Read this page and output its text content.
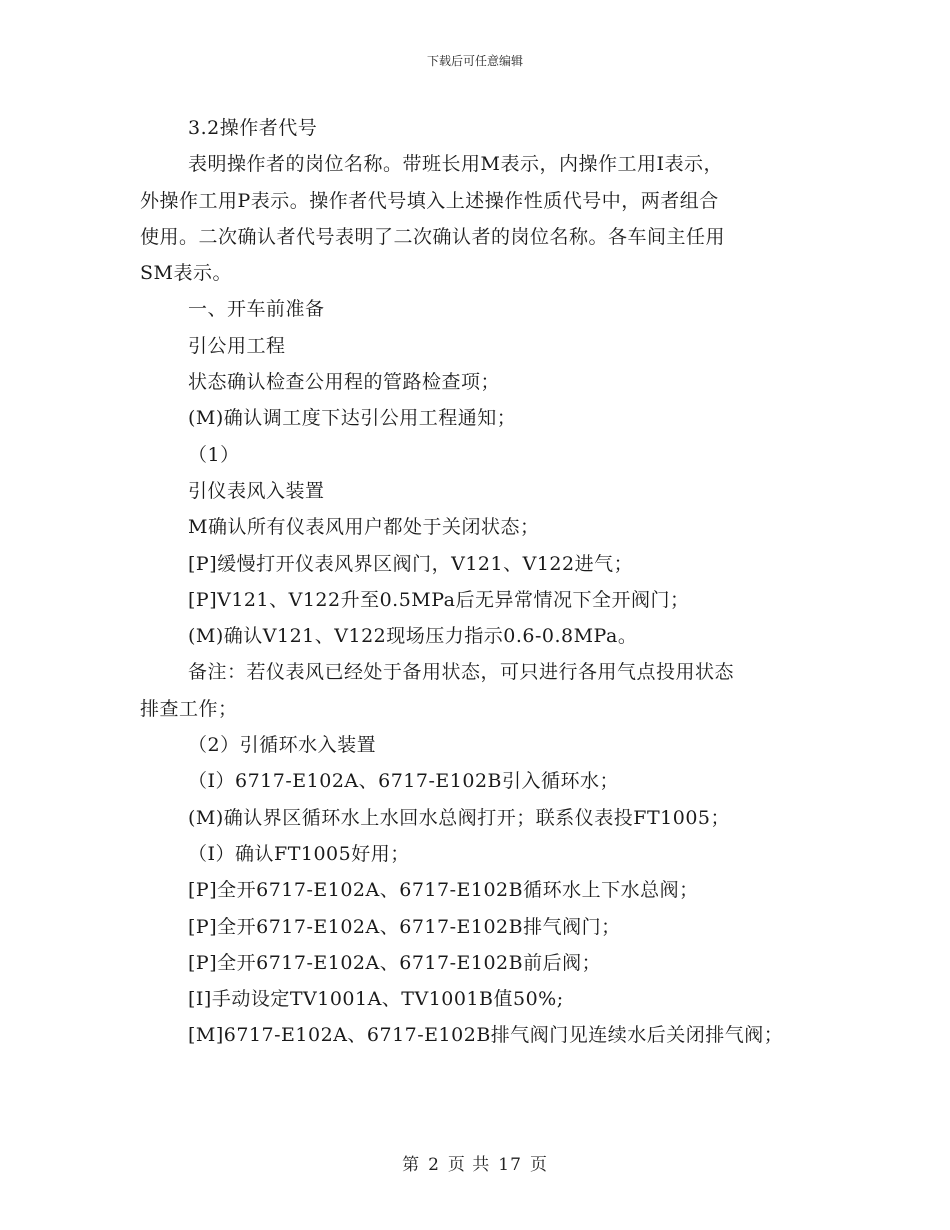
下载后可任意编辑
3.2操作者代号
表明操作者的岗位名称。带班长用M表示，内操作工用I表示，
外操作工用P表示。操作者代号填入上述操作性质代号中，两者组合
使用。二次确认者代号表明了二次确认者的岗位名称。各车间主任用
SM表示。
一、开车前准备
引公用工程
状态确认检查公用程的管路检查项；
(M)确认调工度下达引公用工程通知；
（1）
引仪表风入装置
M确认所有仪表风用户都处于关闭状态；
[P]缓慢打开仪表风界区阀门，V121、V122进气；
[P]V121、V122升至0.5MPa后无异常情况下全开阀门；
(M)确认V121、V122现场压力指示0.6-0.8MPa。
备注：若仪表风已经处于备用状态，可只进行各用气点投用状态
排查工作；
（2）引循环水入装置
（I）6717-E102A、6717-E102B引入循环水；
(M)确认界区循环水上水回水总阀打开；联系仪表投FT1005；
（I）确认FT1005好用；
[P]全开6717-E102A、6717-E102B循环水上下水总阀；
[P]全开6717-E102A、6717-E102B排气阀门；
[P]全开6717-E102A、6717-E102B前后阀；
[I]手动设定TV1001A、TV1001B值50%;
[M]6717-E102A、6717-E102B排气阀门见连续水后关闭排气阀；
第 2 页 共 17 页
